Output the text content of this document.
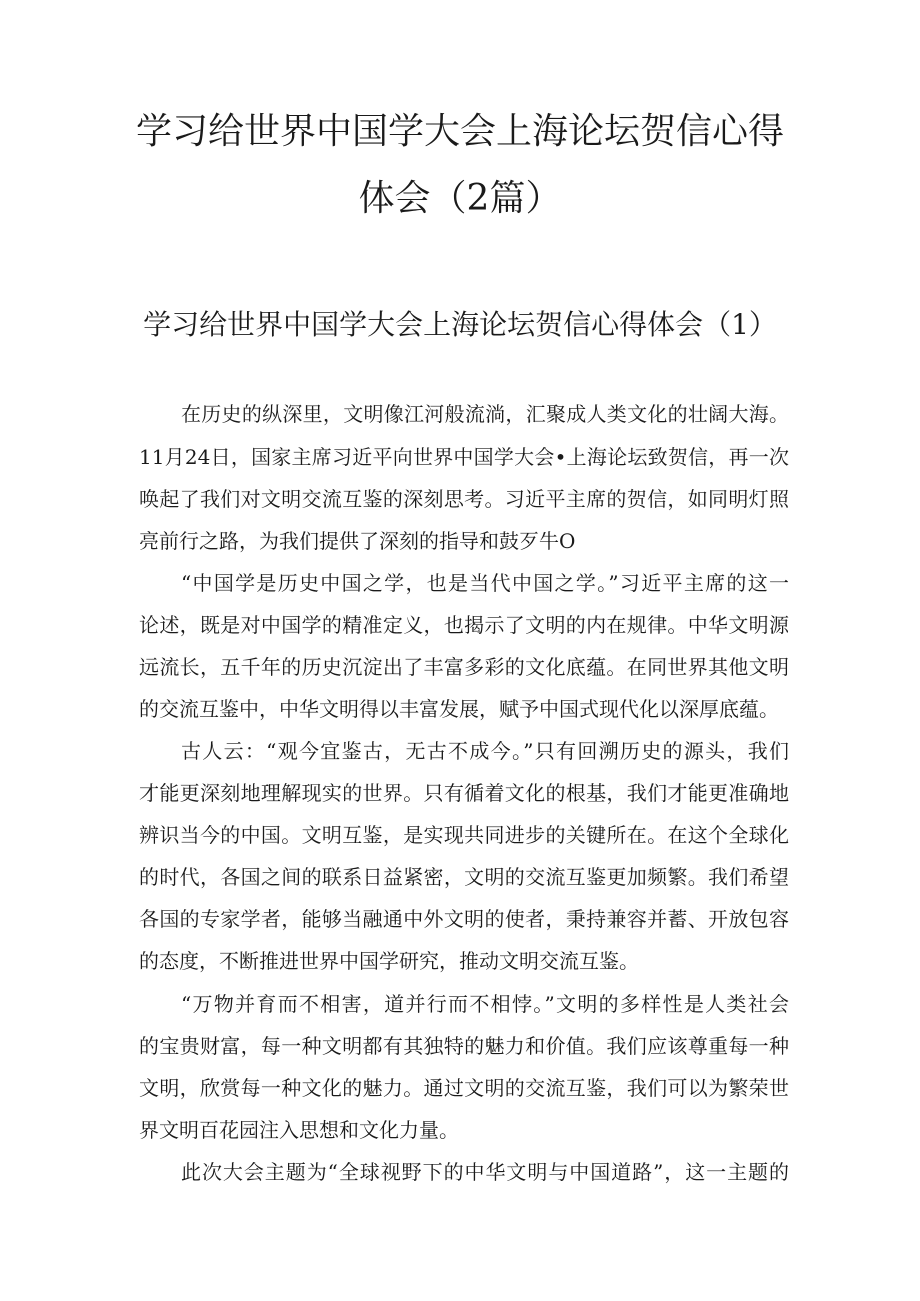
学习给世界中国学大会上海论坛贺信心得
体会（2篇）
学习给世界中国学大会上海论坛贺信心得体会（1）
在历史的纵深里，文明像江河般流淌，汇聚成人类文化的壮阔大海。
11月24日，国家主席习近平向世界中国学大会•上海论坛致贺信，再一次
唤起了我们对文明交流互鉴的深刻思考。习近平主席的贺信，如同明灯照
亮前行之路，为我们提供了深刻的指导和鼓歹牛O
“中国学是历史中国之学，也是当代中国之学。”习近平主席的这一
论述，既是对中国学的精准定义，也揭示了文明的内在规律。中华文明源
远流长，五千年的历史沉淀出了丰富多彩的文化底蕴。在同世界其他文明
的交流互鉴中，中华文明得以丰富发展，赋予中国式现代化以深厚底蕴。
古人云：“观今宜鉴古，无古不成今。”只有回溯历史的源头，我们
才能更深刻地理解现实的世界。只有循着文化的根基，我们才能更准确地
辨识当今的中国。文明互鉴，是实现共同进步的关键所在。在这个全球化
的时代，各国之间的联系日益紧密，文明的交流互鉴更加频繁。我们希望
各国的专家学者，能够当融通中外文明的使者，秉持兼容并蓄、开放包容
的态度，不断推进世界中国学研究，推动文明交流互鉴。
“万物并育而不相害，道并行而不相悖。”文明的多样性是人类社会
的宝贵财富，每一种文明都有其独特的魅力和价值。我们应该尊重每一种
文明，欣赏每一种文化的魅力。通过文明的交流互鉴，我们可以为繁荣世
界文明百花园注入思想和文化力量。
此次大会主题为“全球视野下的中华文明与中国道路”，这一主题的
